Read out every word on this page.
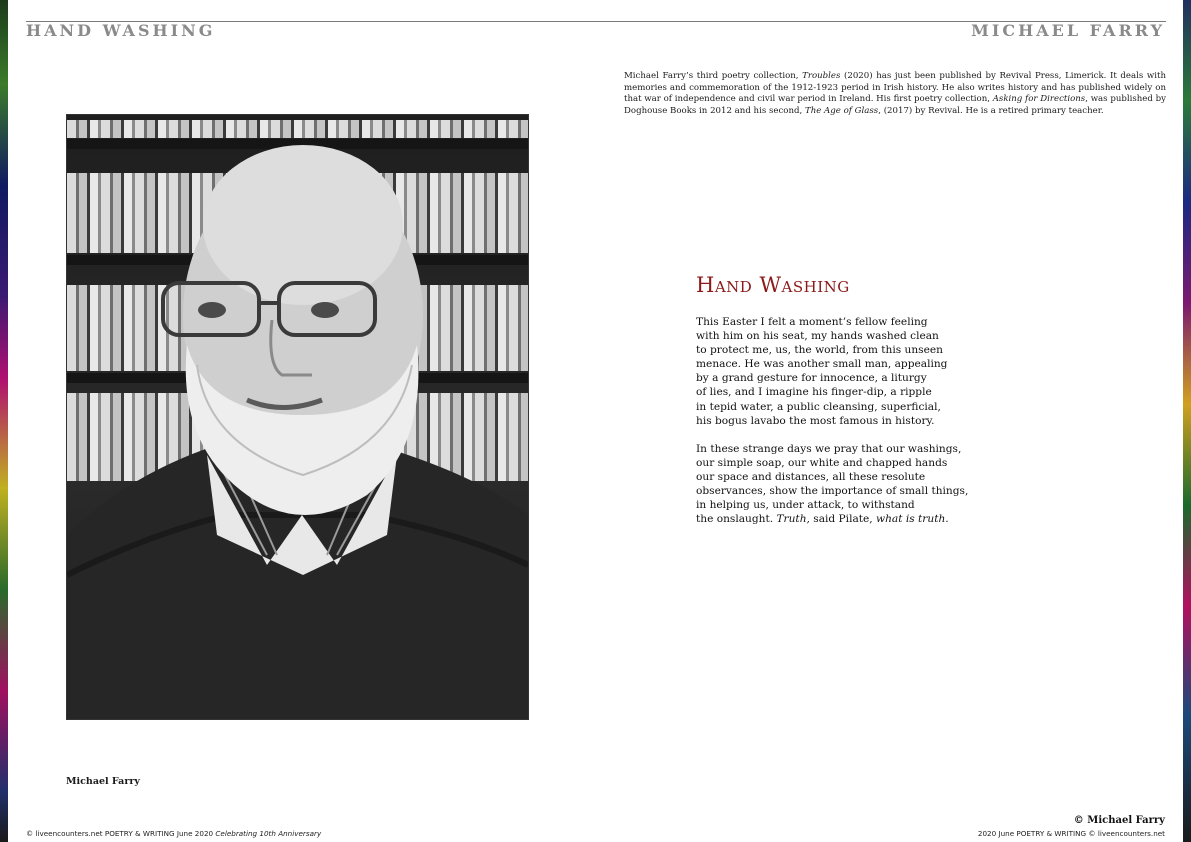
HAND WASHING	MICHAEL FARRY
Michael Farry’s third poetry collection, Troubles (2020) has just been published by Revival Press, Limerick. It deals with memories and commemoration of the 1912-1923 period in Irish history. He also writes history and has published widely on that war of independence and civil war period in Ireland. His first poetry collection, Asking for Directions, was published by Doghouse Books in 2012 and his second, The Age of Glass, (2017) by Revival. He is a retired primary teacher.
Michael Farry
Hand Washing
This Easter I felt a moment’s fellow feeling
with him on his seat, my hands washed clean
to protect me, us, the world, from this unseen
menace. He was another small man, appealing
by a grand gesture for innocence, a liturgy
of lies, and I imagine his finger-dip, a ripple
in tepid water, a public cleansing, superficial,
his bogus lavabo the most famous in history.
In these strange days we pray that our washings,
our simple soap, our white and chapped hands
our space and distances, all these resolute
observances, show the importance of small things,
in helping us, under attack, to withstand
the onslaught. Truth, said Pilate, what is truth.
© Michael Farry
© liveencounters.net POETRY & WRITING June 2020 Celebrating 10th Anniversary	2020 June POETRY & WRITING © liveencounters.net
